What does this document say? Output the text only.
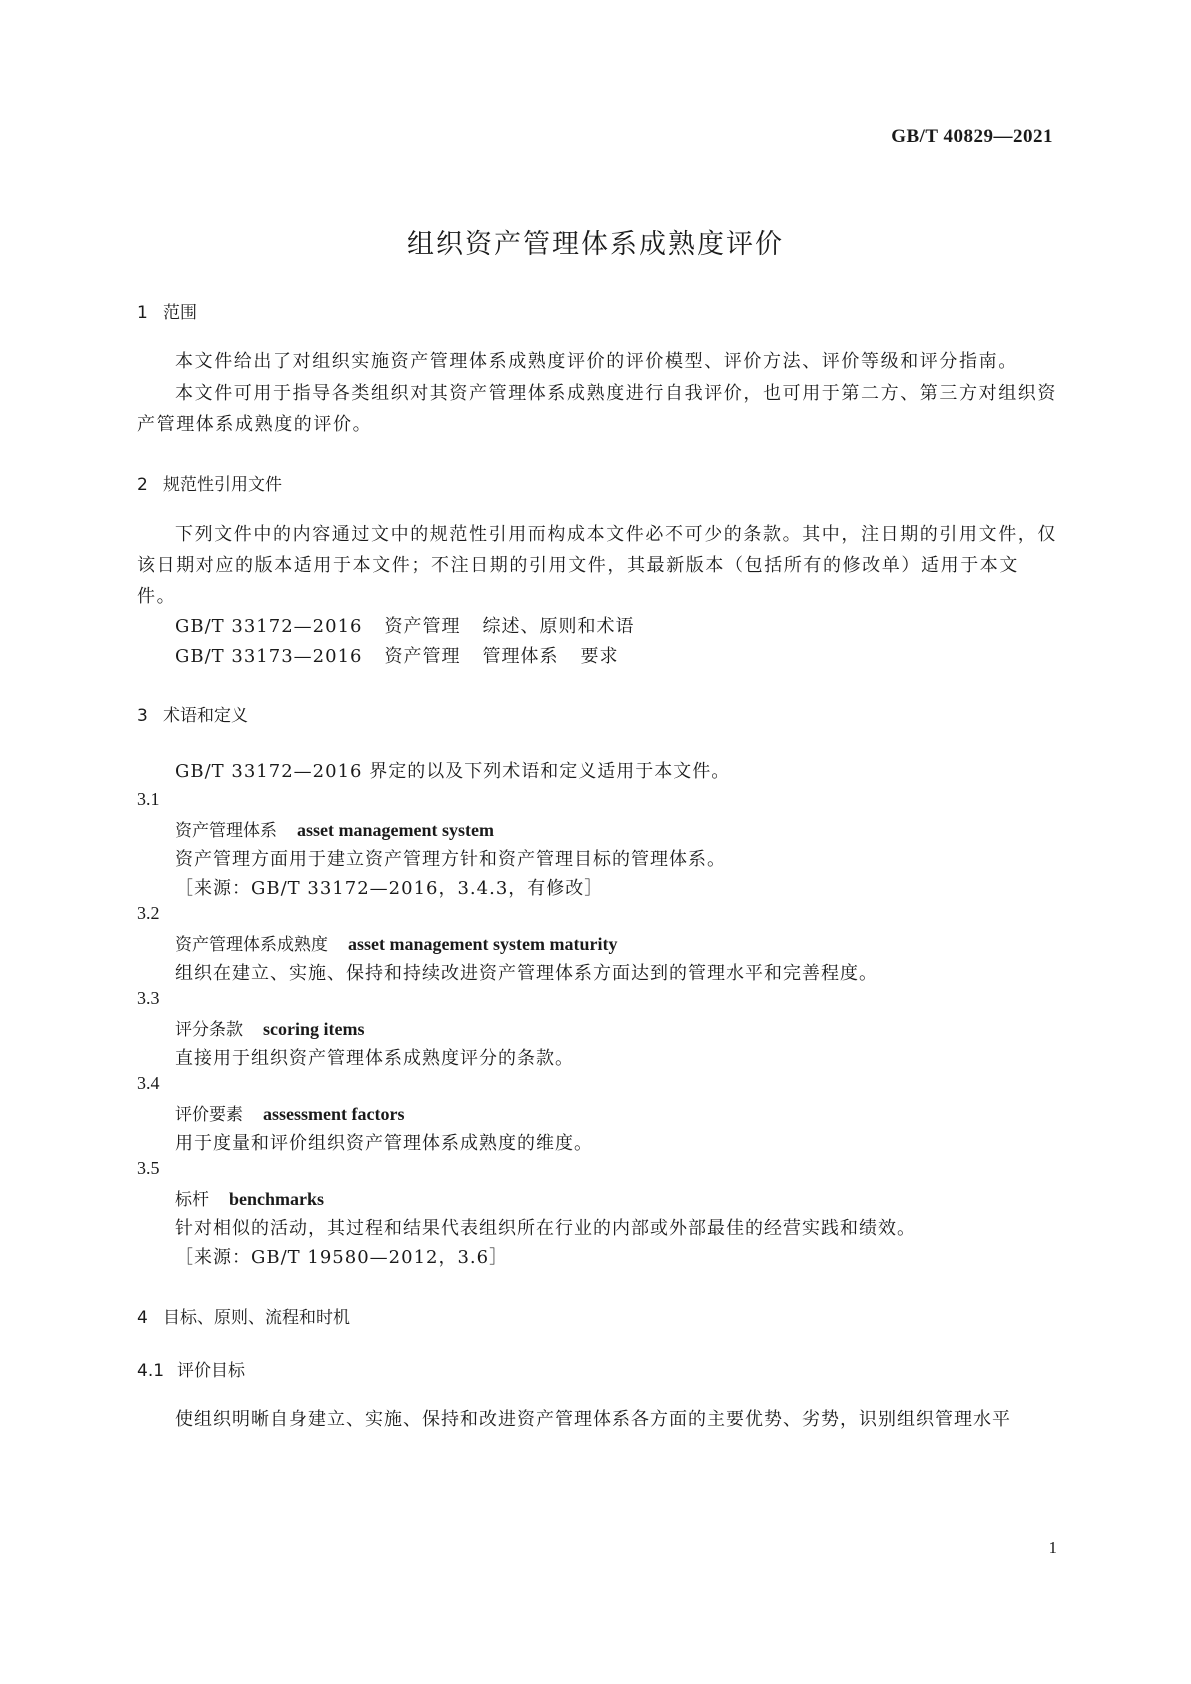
GB/T 40829—2021
组织资产管理体系成熟度评价
1 范围
本文件给出了对组织实施资产管理体系成熟度评价的评价模型、评价方法、评价等级和评分指南。
本文件可用于指导各类组织对其资产管理体系成熟度进行自我评价，也可用于第二方、第三方对组织资产管理体系成熟度的评价。
2 规范性引用文件
下列文件中的内容通过文中的规范性引用而构成本文件必不可少的条款。其中，注日期的引用文件，仅该日期对应的版本适用于本文件；不注日期的引用文件，其最新版本（包括所有的修改单）适用于本文件。
GB/T 33172—2016 资产管理 综述、原则和术语
GB/T 33173—2016 资产管理 管理体系 要求
3 术语和定义
GB/T 33172—2016 界定的以及下列术语和定义适用于本文件。
3.1
资产管理体系 asset management system
资产管理方面用于建立资产管理方针和资产管理目标的管理体系。
［来源：GB/T 33172—2016，3.4.3，有修改］
3.2
资产管理体系成熟度 asset management system maturity
组织在建立、实施、保持和持续改进资产管理体系方面达到的管理水平和完善程度。
3.3
评分条款 scoring items
直接用于组织资产管理体系成熟度评分的条款。
3.4
评价要素 assessment factors
用于度量和评价组织资产管理体系成熟度的维度。
3.5
标杆 benchmarks
针对相似的活动，其过程和结果代表组织所在行业的内部或外部最佳的经营实践和绩效。
［来源：GB/T 19580—2012，3.6］
4 目标、原则、流程和时机
4.1 评价目标
使组织明晰自身建立、实施、保持和改进资产管理体系各方面的主要优势、劣势，识别组织管理水平
1
